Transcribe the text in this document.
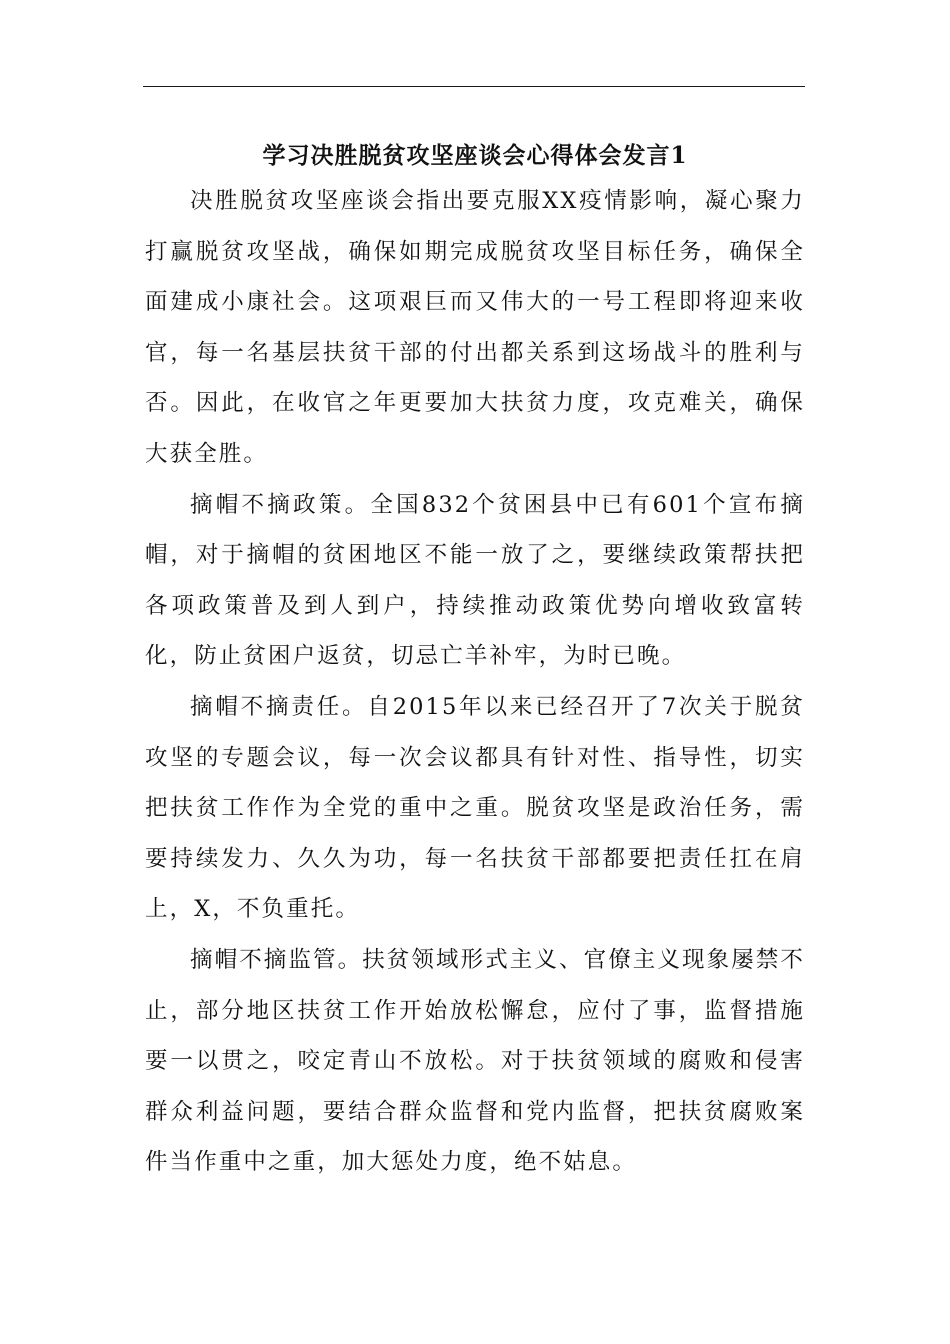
学习决胜脱贫攻坚座谈会心得体会发言1

决胜脱贫攻坚座谈会指出要克服XX疫情影响，凝心聚力打赢脱贫攻坚战，确保如期完成脱贫攻坚目标任务，确保全面建成小康社会。这项艰巨而又伟大的一号工程即将迎来收官，每一名基层扶贫干部的付出都关系到这场战斗的胜利与否。因此，在收官之年更要加大扶贫力度，攻克难关，确保大获全胜。

摘帽不摘政策。全国832个贫困县中已有601个宣布摘帽，对于摘帽的贫困地区不能一放了之，要继续政策帮扶把各项政策普及到人到户，持续推动政策优势向增收致富转化，防止贫困户返贫，切忌亡羊补牢，为时已晚。

摘帽不摘责任。自2015年以来已经召开了7次关于脱贫攻坚的专题会议，每一次会议都具有针对性、指导性，切实把扶贫工作作为全党的重中之重。脱贫攻坚是政治任务，需要持续发力、久久为功，每一名扶贫干部都要把责任扛在肩上，X，不负重托。

摘帽不摘监管。扶贫领域形式主义、官僚主义现象屡禁不止，部分地区扶贫工作开始放松懈怠，应付了事，监督措施要一以贯之，咬定青山不放松。对于扶贫领域的腐败和侵害群众利益问题，要结合群众监督和党内监督，把扶贫腐败案件当作重中之重，加大惩处力度，绝不姑息。
